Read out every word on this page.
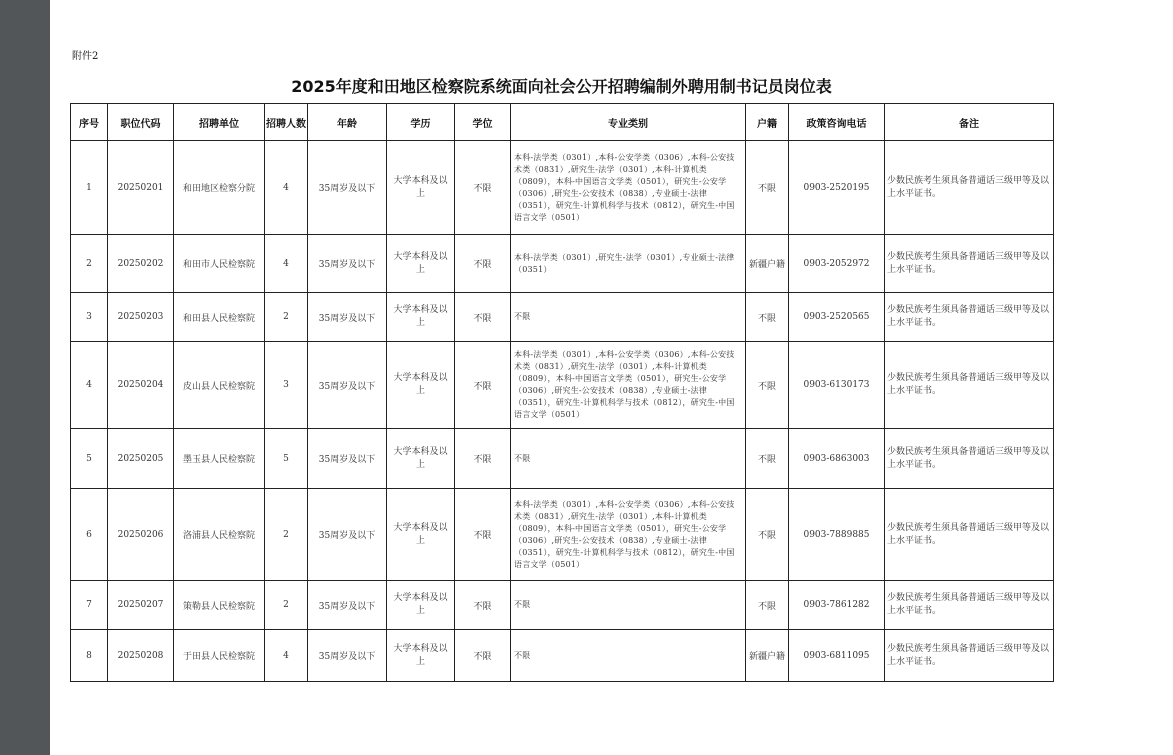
附件2
2025年度和田地区检察院系统面向社会公开招聘编制外聘用制书记员岗位表
序号	职位代码	招聘单位	招聘人数	年龄	学历	学位	专业类别	户籍	政策咨询电话	备注
1	20250201	和田地区检察分院	4	35周岁及以下	大学本科及以上	不限	本科-法学类（0301）,本科-公安学类（0306）,本科-公安技术类（0831）,研究生-法学（0301）,本科-计算机类（0809），本科-中国语言文学类（0501），研究生-公安学（0306）,研究生-公安技术（0838）,专业硕士-法律（0351），研究生-计算机科学与技术（0812），研究生-中国语言文学（0501）	不限	0903-2520195	少数民族考生须具备普通话三级甲等及以上水平证书。
2	20250202	和田市人民检察院	4	35周岁及以下	大学本科及以上	不限	本科-法学类（0301）,研究生-法学（0301）,专业硕士-法律（0351）	新疆户籍	0903-2052972	少数民族考生须具备普通话三级甲等及以上水平证书。
3	20250203	和田县人民检察院	2	35周岁及以下	大学本科及以上	不限	不限	不限	0903-2520565	少数民族考生须具备普通话三级甲等及以上水平证书。
4	20250204	皮山县人民检察院	3	35周岁及以下	大学本科及以上	不限	本科-法学类（0301）,本科-公安学类（0306）,本科-公安技术类（0831）,研究生-法学（0301）,本科-计算机类（0809），本科-中国语言文学类（0501），研究生-公安学（0306）,研究生-公安技术（0838）,专业硕士-法律（0351），研究生-计算机科学与技术（0812），研究生-中国语言文学（0501）	不限	0903-6130173	少数民族考生须具备普通话三级甲等及以上水平证书。
5	20250205	墨玉县人民检察院	5	35周岁及以下	大学本科及以上	不限	不限	不限	0903-6863003	少数民族考生须具备普通话三级甲等及以上水平证书。
6	20250206	洛浦县人民检察院	2	35周岁及以下	大学本科及以上	不限	本科-法学类（0301）,本科-公安学类（0306）,本科-公安技术类（0831）,研究生-法学（0301）,本科-计算机类（0809），本科-中国语言文学类（0501），研究生-公安学（0306）,研究生-公安技术（0838）,专业硕士-法律（0351），研究生-计算机科学与技术（0812），研究生-中国语言文学（0501）	不限	0903-7889885	少数民族考生须具备普通话三级甲等及以上水平证书。
7	20250207	策勒县人民检察院	2	35周岁及以下	大学本科及以上	不限	不限	不限	0903-7861282	少数民族考生须具备普通话三级甲等及以上水平证书。
8	20250208	于田县人民检察院	4	35周岁及以下	大学本科及以上	不限	不限	新疆户籍	0903-6811095	少数民族考生须具备普通话三级甲等及以上水平证书。
